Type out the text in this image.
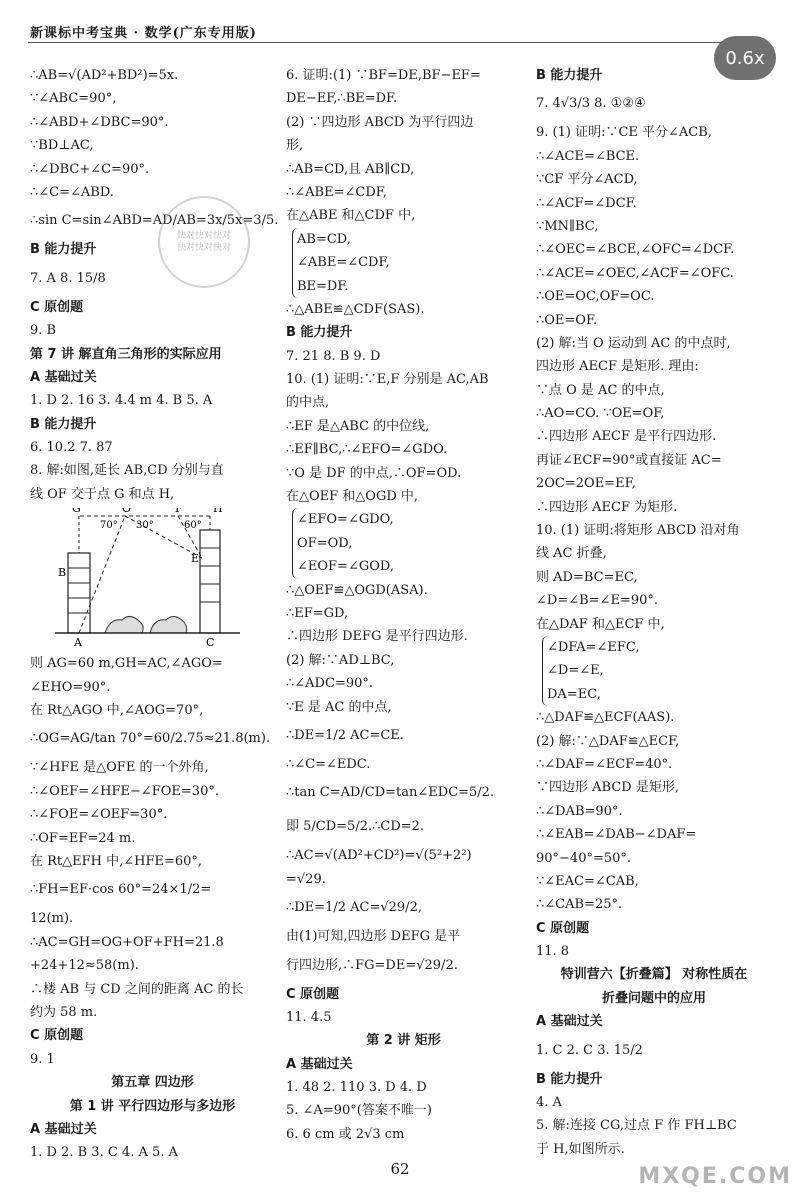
新课标中考宝典 · 数学(广东专用版)
0.6x
∴AB=√(AD²+BD²)=5x.
∵∠ABC=90°,
∴∠ABD+∠DBC=90°.
∵BD⊥AC,
∴∠DBC+∠C=90°.
∴∠C=∠ABD.
∴sin C=sin∠ABD=AD/AB=3x/5x=3/5.
B 能力提升
7. A 8. 15/8
C 原创题
9. B
第 7 讲 解直角三角形的实际应用
A 基础过关
1. D 2. 16 3. 4.4 m 4. B 5. A
B 能力提升
6. 10.2 7. 87
8. 解:如图,延长 AB,CD 分别与直
线 OF 交于点 G 和点 H,
G	O	F	H
B
E
A	C
70° 30°	60°
则 AG=60 m,GH=AC,∠AGO=
∠EHO=90°.
在 Rt△AGO 中,∠AOG=70°,
∴OG=AG/tan 70°=60/2.75≈21.8(m).
∵∠HFE 是△OFE 的一个外角,
∴∠OEF=∠HFE−∠FOE=30°.
∴∠FOE=∠OEF=30°.
∴OF=EF=24 m.
在 Rt△EFH 中,∠HFE=60°,
∴FH=EF·cos 60°=24×1/2=
12(m).
∴AC=GH=OG+OF+FH=21.8
+24+12≈58(m).
∴楼 AB 与 CD 之间的距离 AC 的长
约为 58 m.
C 原创题
9. 1
第五章 四边形
第 1 讲 平行四边形与多边形
A 基础过关
1. D 2. B 3. C 4. A 5. A
6. 证明:(1) ∵BF=DE,BF−EF=
DE−EF,∴BE=DF.
(2) ∵四边形 ABCD 为平行四边
形,
∴AB=CD,且 AB∥CD,
∴∠ABE=∠CDF,
在△ABE 和△CDF 中,
AB=CD,
∠ABE=∠CDF,
BE=DF.
∴△ABE≌△CDF(SAS).
B 能力提升
7. 21 8. B 9. D
10. (1) 证明:∵E,F 分别是 AC,AB
的中点,
∴EF 是△ABC 的中位线,
∴EF∥BC,∴∠EFO=∠GDO.
∵O 是 DF 的中点,∴OF=OD.
在△OEF 和△OGD 中,
∠EFO=∠GDO,
OF=OD,
∠EOF=∠GOD,
∴△OEF≌△OGD(ASA).
∴EF=GD,
∴四边形 DEFG 是平行四边形.
(2) 解:∵AD⊥BC,
∴∠ADC=90°.
∵E 是 AC 的中点,
∴DE=1/2 AC=CE.
∴∠C=∠EDC.
∴tan C=AD/CD=tan∠EDC=5/2.
即 5/CD=5/2.∴CD=2.
∴AC=√(AD²+CD²)=√(5²+2²)
=√29.
∴DE=1/2 AC=√29/2,
由(1)可知,四边形 DEFG 是平
行四边形,∴FG=DE=√29/2.
C 原创题
11. 4.5
第 2 讲 矩形
A 基础过关
1. 48 2. 110 3. D 4. D
5. ∠A=90°(答案不唯一)
6. 6 cm 或 2√3 cm
B 能力提升
7. 4√3/3 8. ①②④
9. (1) 证明:∵CE 平分∠ACB,
∴∠ACE=∠BCE.
∵CF 平分∠ACD,
∴∠ACF=∠DCF.
∵MN∥BC,
∴∠OEC=∠BCE,∠OFC=∠DCF.
∴∠ACE=∠OEC,∠ACF=∠OFC.
∴OE=OC,OF=OC.
∴OE=OF.
(2) 解:当 O 运动到 AC 的中点时,
四边形 AECF 是矩形. 理由:
∵点 O 是 AC 的中点,
∴AO=CO. ∵OE=OF,
∴四边形 AECF 是平行四边形.
再证∠ECF=90°或直接证 AC=
2OC=2OE=EF,
∴四边形 AECF 为矩形.
10. (1) 证明:将矩形 ABCD 沿对角
线 AC 折叠,
则 AD=BC=EC,
∠D=∠B=∠E=90°.
在△DAF 和△ECF 中,
∠DFA=∠EFC,
∠D=∠E,
DA=EC,
∴△DAF≌△ECF(AAS).
(2) 解:∵△DAF≌△ECF,
∴∠DAF=∠ECF=40°.
∵四边形 ABCD 是矩形,
∴∠DAB=90°.
∴∠EAB=∠DAB−∠DAF=
90°−40°=50°.
∵∠EAC=∠CAB,
∴∠CAB=25°.
C 原创题
11. 8
特训营六【折叠篇】 对称性质在
折叠问题中的应用
A 基础过关
1. C 2. C 3. 15/2
B 能力提升
4. A
5. 解:连接 CG,过点 F 作 FH⊥BC
于 H,如图所示.
快对快对快对
快对快对快对
62	MXQE.COM
